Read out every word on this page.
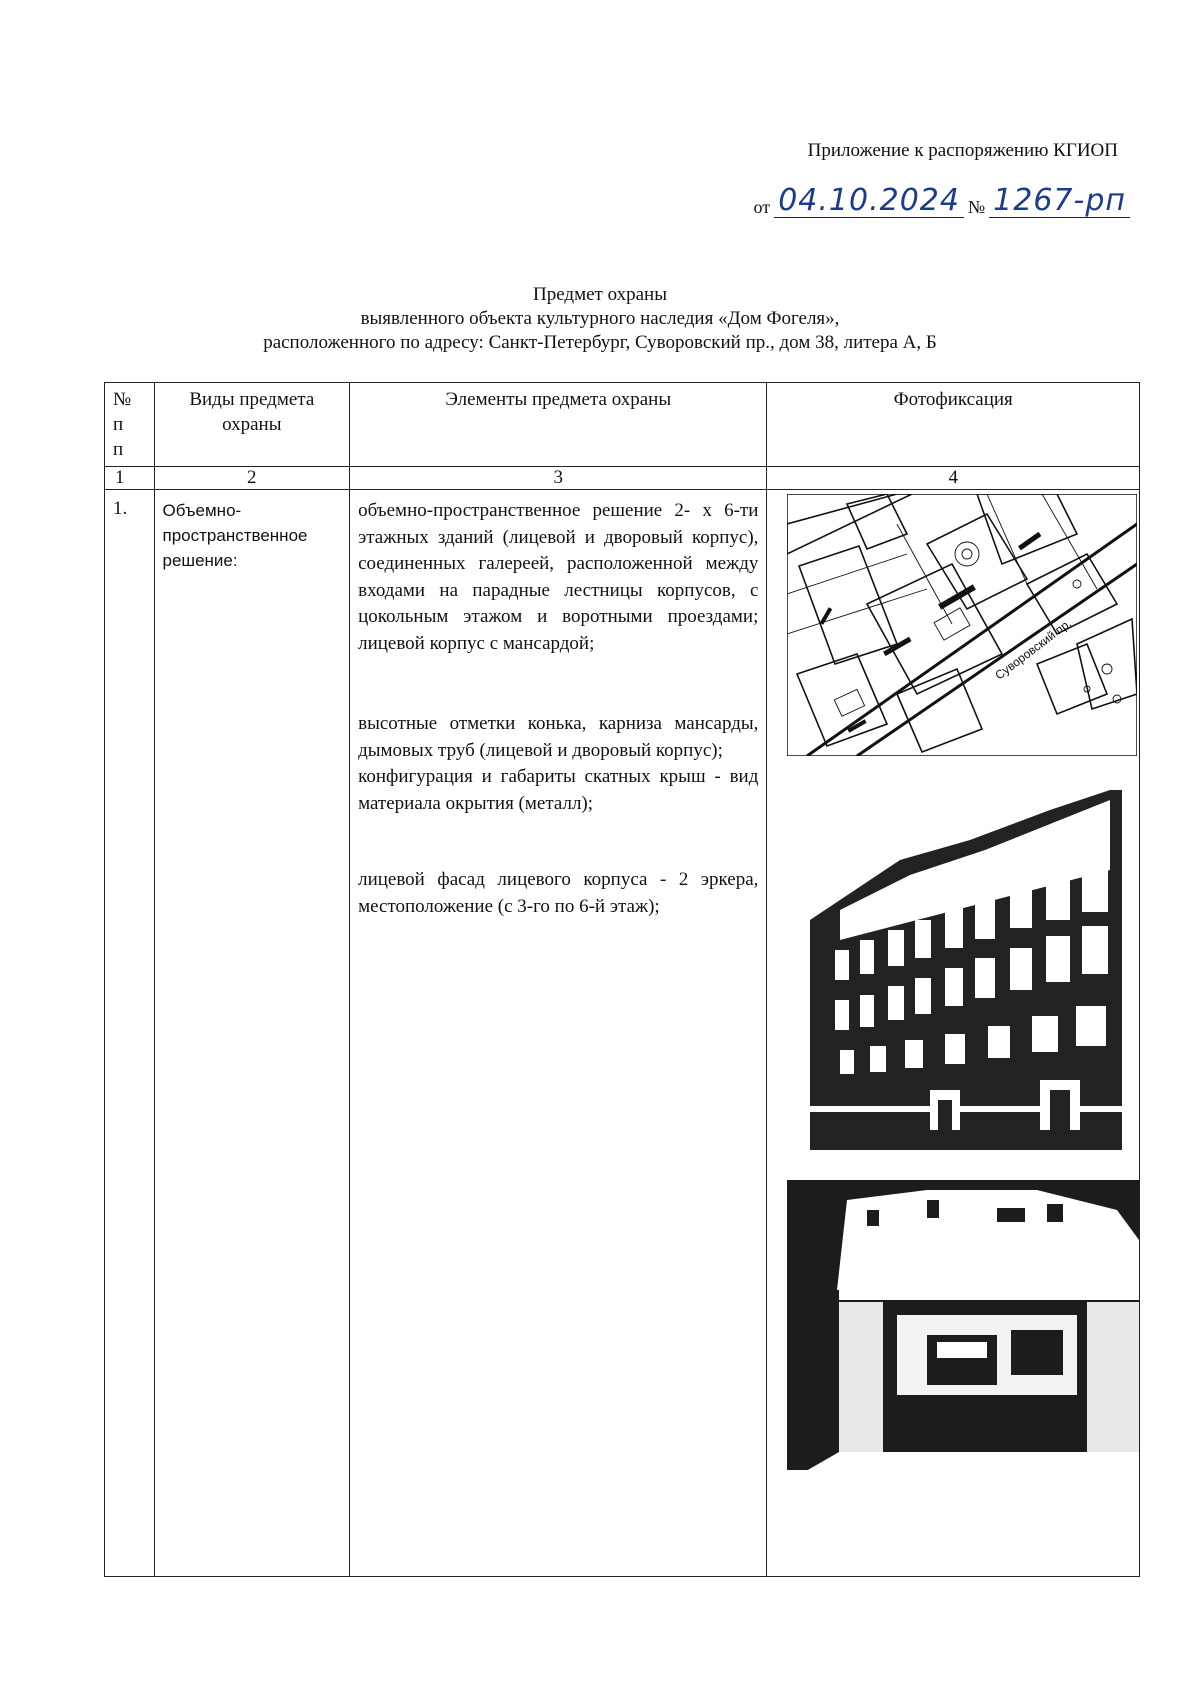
Приложение к распоряжению КГИОП
от 04.10.2024 № 1267-рп
Предмет охраны
выявленного объекта культурного наследия «Дом Фогеля»,
расположенного по адресу: Санкт-Петербург, Суворовский пр., дом 38, литера А, Б
№
п
п	Виды предмета охраны	Элементы предмета охраны	Фотофиксация
1	2	3	4
1.	Объемно-пространственное решение:	объемно-пространственное решение 2- х 6-ти этажных зданий (лицевой и дворовый корпус), соединенных галереей, расположенной между входами на парадные лестницы корпусов, с цокольным этажом и воротными проездами; лицевой корпус с мансардой;

высотные отметки конька, карниза мансарды, дымовых труб (лицевой и дворовый корпус);

конфигурация и габариты скатных крыш - вид материала окрытия (металл);

лицевой фасад лицевого корпуса - 2 эркера, местоположение (с 3-го по 6-й этаж);	Суворовский пр.
